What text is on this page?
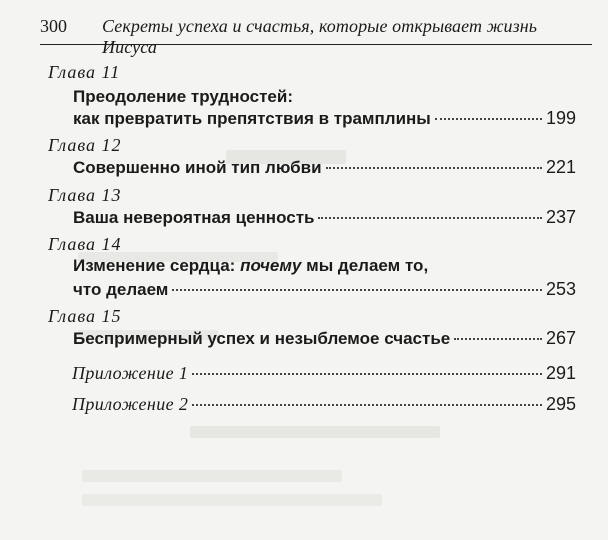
300 Секреты успеха и счастья, которые открывает жизнь Иисуса
Глава 11
Преодоление трудностей:
как превратить препятствия в трамплины	199
Глава 12
Совершенно иной тип любви	221
Глава 13
Ваша невероятная ценность	237
Глава 14
Изменение сердца: почему мы делаем то,
что делаем	253
Глава 15
Беспримерный успех и незыблемое счастье	267
Приложение 1	291
Приложение 2	295
